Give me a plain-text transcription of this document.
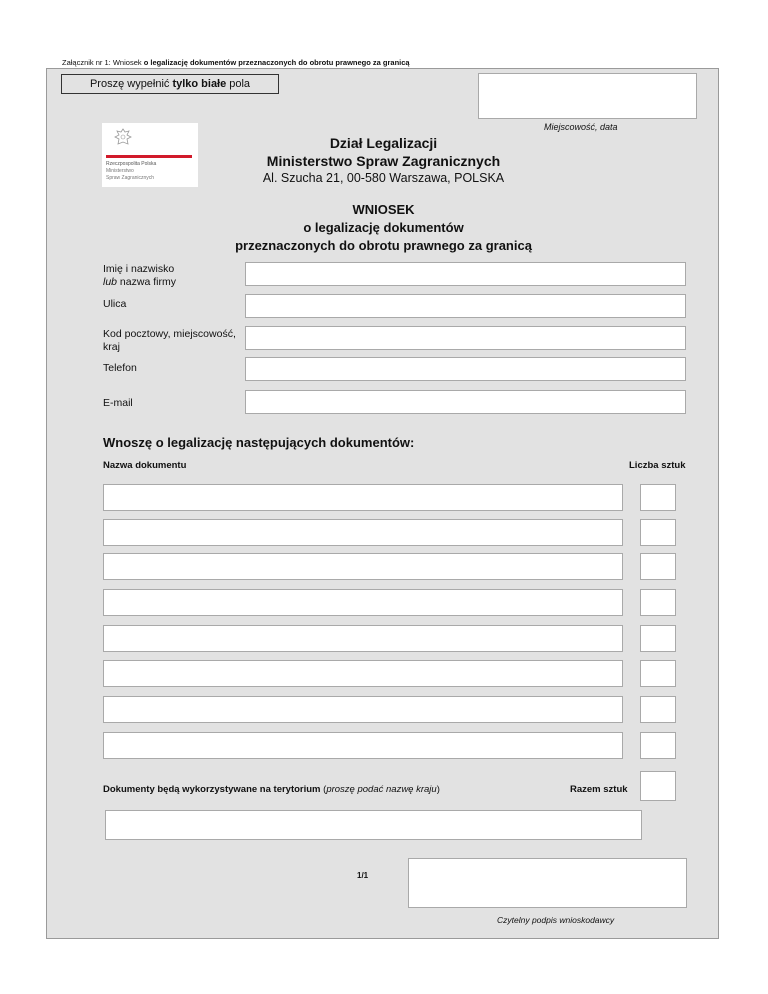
Załącznik nr 1: Wniosek o legalizację dokumentów przeznaczonych do obrotu prawnego za granicą
Proszę wypełnić tylko białe pola
Miejscowość, data
Rzeczpospolita Polska
Ministerstwo
Spraw Zagranicznych
Dział Legalizacji
Ministerstwo Spraw Zagranicznych
Al. Szucha 21, 00-580 Warszawa, POLSKA
WNIOSEK
o legalizację dokumentów
przeznaczonych do obrotu prawnego za granicą
Imię i nazwisko
lub nazwa firmy
Ulica
Kod pocztowy, miejscowość, kraj
Telefon
E-mail
Wnoszę o legalizację następujących dokumentów:
Nazwa dokumentu	Liczba sztuk
Dokumenty będą wykorzystywane na terytorium (proszę podać nazwę kraju)	Razem sztuk
1/1
Czytelny podpis wnioskodawcy
